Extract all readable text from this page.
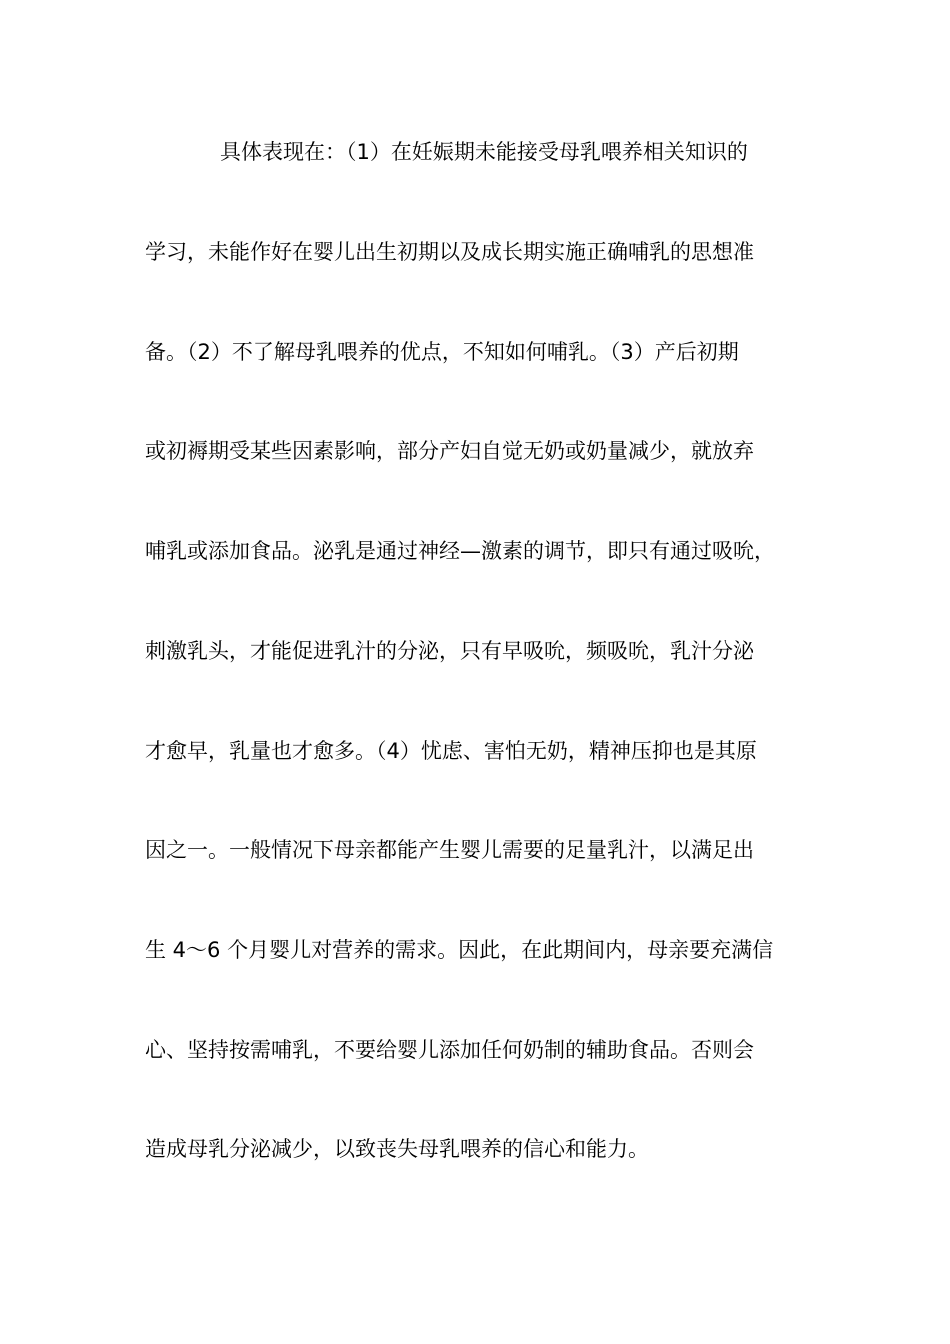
具体表现在：（1）在妊娠期未能接受母乳喂养相关知识的
学习，未能作好在婴儿出生初期以及成长期实施正确哺乳的思想准
备。（2）不了解母乳喂养的优点，不知如何哺乳。（3）产后初期
或初褥期受某些因素影响，部分产妇自觉无奶或奶量减少，就放弃
哺乳或添加食品。泌乳是通过神经—激素的调节，即只有通过吸吮，
刺激乳头，才能促进乳汁的分泌，只有早吸吮，频吸吮，乳汁分泌
才愈早，乳量也才愈多。（4）忧虑、害怕无奶，精神压抑也是其原
因之一。一般情况下母亲都能产生婴儿需要的足量乳汁，以满足出
生 4～6 个月婴儿对营养的需求。因此，在此期间内，母亲要充满信
心、坚持按需哺乳，不要给婴儿添加任何奶制的辅助食品。否则会
造成母乳分泌减少，以致丧失母乳喂养的信心和能力。
